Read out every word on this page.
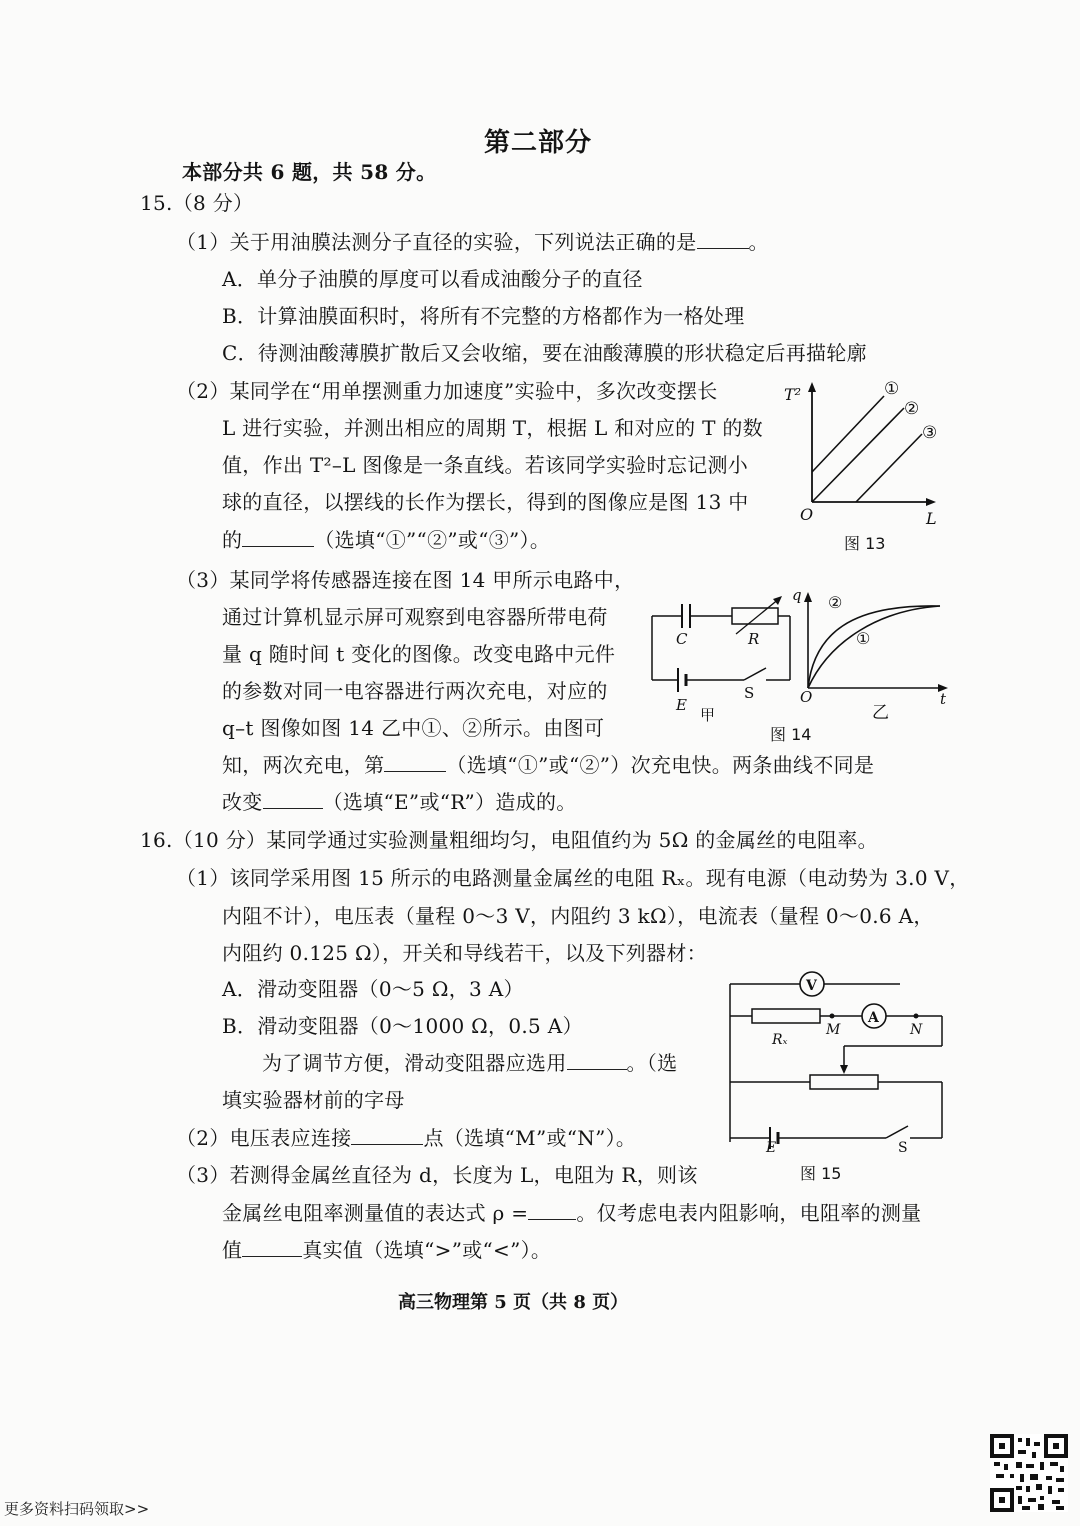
第二部分
本部分共 6 题，共 58 分。
15.（8 分）
（1）关于用油膜法测分子直径的实验，下列说法正确的是	。
A．单分子油膜的厚度可以看成油酸分子的直径
B．计算油膜面积时，将所有不完整的方格都作为一格处理
C．待测油酸薄膜扩散后又会收缩，要在油酸薄膜的形状稳定后再描轮廓
（2）某同学在“用单摆测重力加速度”实验中，多次改变摆长
L 进行实验，并测出相应的周期 T，根据 L 和对应的 T 的数
值，作出 T²–L 图像是一条直线。若该同学实验时忘记测小
球的直径，以摆线的长作为摆长，得到的图像应是图 13 中
的	（选填“①”“②”或“③”）。
T²
L
O
①
②
③
图 13
（3）某同学将传感器连接在图 14 甲所示电路中，
通过计算机显示屏可观察到电容器所带电荷
量 q 随时间 t 变化的图像。改变电路中元件
的参数对同一电容器进行两次充电，对应的
q–t 图像如图 14 乙中①、②所示。由图可
知，两次充电，第	（选填“①”或“②”）次充电快。两条曲线不同是
改变	（选填“E”或“R”）造成的。
C	R
E
S
甲
q
t
O
②
①
乙
图 14
16.（10 分）某同学通过实验测量粗细均匀，电阻值约为 5Ω 的金属丝的电阻率。
（1）该同学采用图 15 所示的电路测量金属丝的电阻 Rₓ。现有电源（电动势为 3.0 V，
内阻不计），电压表（量程 0～3 V，内阻约 3 kΩ），电流表（量程 0～0.6 A，
内阻约 0.125 Ω），开关和导线若干，以及下列器材：
A．滑动变阻器（0～5 Ω，3 A）
B．滑动变阻器（0～1000 Ω，0.5 A）
为了调节方便，滑动变阻器应选用	。（选
填实验器材前的字母
（2）电压表应连接	点（选填“M”或“N”）。
（3）若测得金属丝直径为 d，长度为 L，电阻为 R，则该
金属丝电阻率测量值的表达式 ρ = 。仅考虑电表内阻影响，电阻率的测量
值	真实值（选填“>”或“<”）。
V
A
Rₓ
M	N
E	S
图 15
高三物理第 5 页（共 8 页）
更多资料扫码领取>>
